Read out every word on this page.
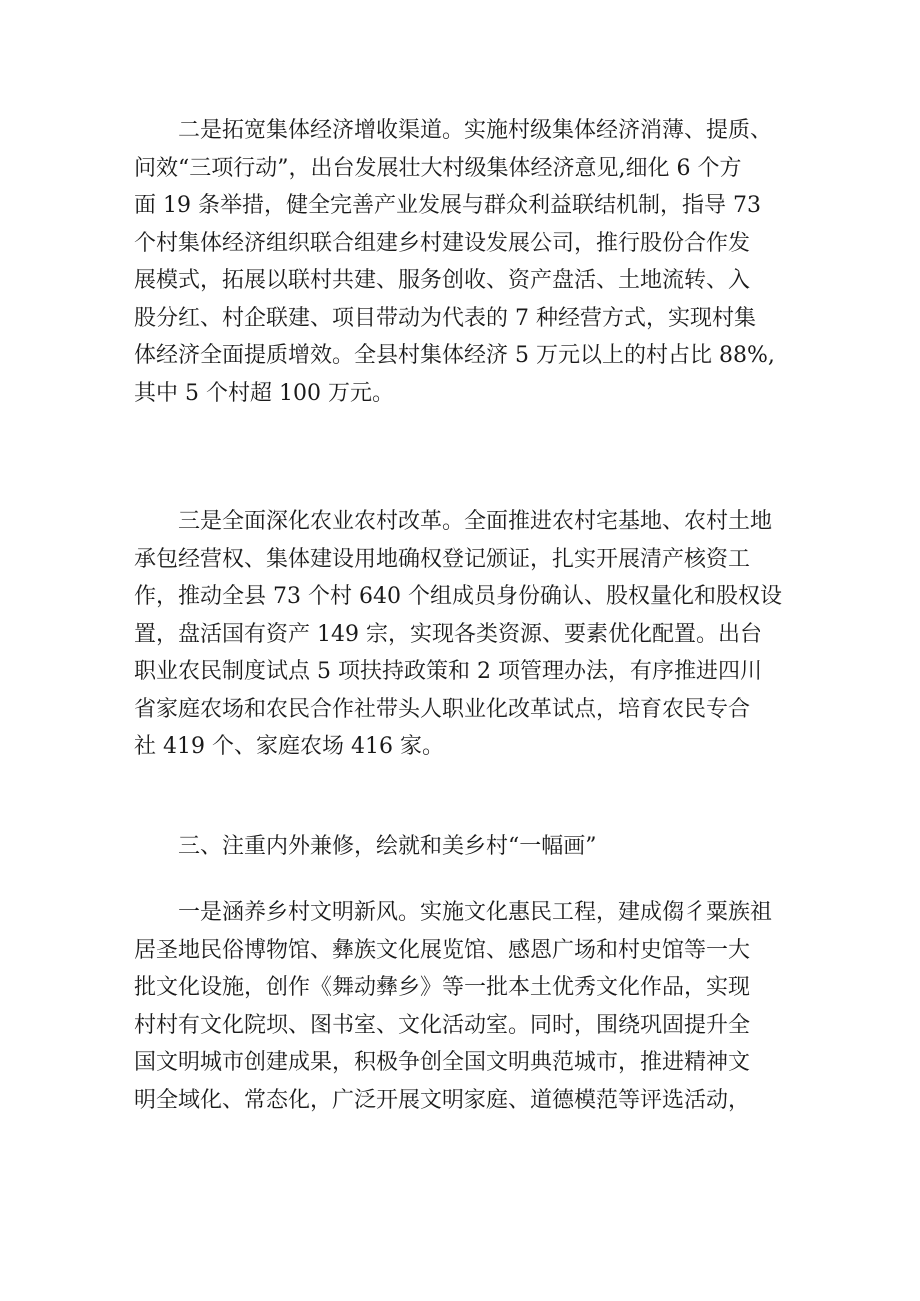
二是拓宽集体经济增收渠道。实施村级集体经济消薄、提质、
问效“三项行动”，出台发展壮大村级集体经济意见,细化 6 个方
面 19 条举措，健全完善产业发展与群众利益联结机制，指导 73
个村集体经济组织联合组建乡村建设发展公司，推行股份合作发
展模式，拓展以联村共建、服务创收、资产盘活、土地流转、入
股分红、村企联建、项目带动为代表的 7 种经营方式，实现村集
体经济全面提质增效。全县村集体经济 5 万元以上的村占比 88%,
其中 5 个村超 100 万元。

三是全面深化农业农村改革。全面推进农村宅基地、农村土地
承包经营权、集体建设用地确权登记颁证，扎实开展清产核资工
作，推动全县 73 个村 640 个组成员身份确认、股权量化和股权设
置，盘活国有资产 149 宗，实现各类资源、要素优化配置。出台
职业农民制度试点 5 项扶持政策和 2 项管理办法，有序推进四川
省家庭农场和农民合作社带头人职业化改革试点，培育农民专合
社 419 个、家庭农场 416 家。

三、注重内外兼修，绘就和美乡村“一幅画”

一是涵养乡村文明新风。实施文化惠民工程，建成㑳彳粟族祖
居圣地民俗博物馆、彝族文化展览馆、感恩广场和村史馆等一大
批文化设施，创作《舞动彝乡》等一批本土优秀文化作品，实现
村村有文化院坝、图书室、文化活动室。同时，围绕巩固提升全
国文明城市创建成果，积极争创全国文明典范城市，推进精神文
明全域化、常态化，广泛开展文明家庭、道德模范等评选活动，
